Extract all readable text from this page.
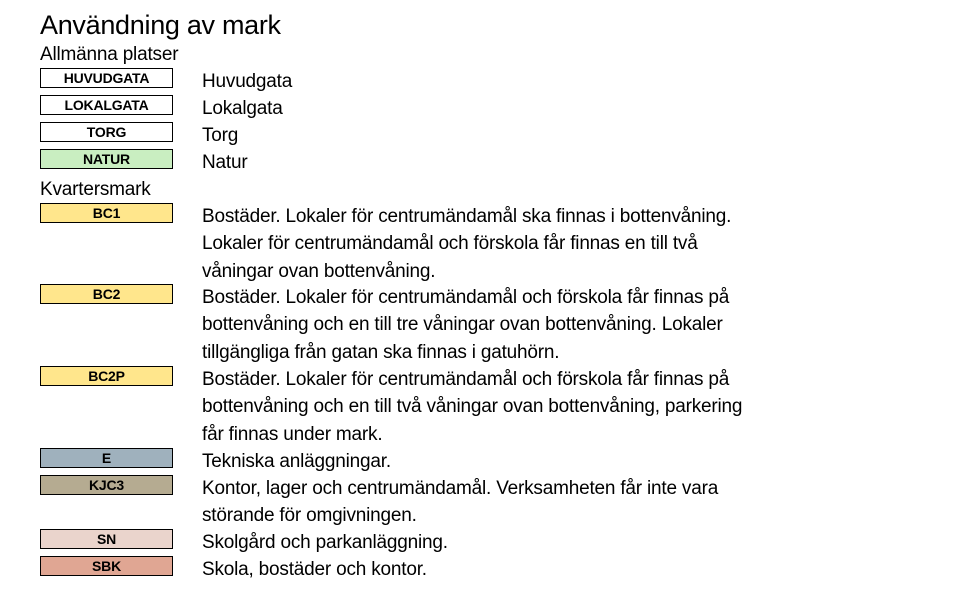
Användning av mark
Allmänna platser
HUVUDGATA	Huvudgata
LOKALGATA	Lokalgata
TORG	Torg
NATUR	Natur
Kvartersmark
BC1	Bostäder. Lokaler för centrumändamål ska finnas i bottenvåning.
Lokaler för centrumändamål och förskola får finnas en till två
våningar ovan bottenvåning.
BC2	Bostäder. Lokaler för centrumändamål och förskola får finnas på
bottenvåning och en till tre våningar ovan bottenvåning. Lokaler
tillgängliga från gatan ska finnas i gatuhörn.
BC2P	Bostäder. Lokaler för centrumändamål och förskola får finnas på
bottenvåning och en till två våningar ovan bottenvåning, parkering
får finnas under mark.
E	Tekniska anläggningar.
KJC3	Kontor, lager och centrumändamål. Verksamheten får inte vara
störande för omgivningen.
SN	Skolgård och parkanläggning.
SBK	Skola, bostäder och kontor.
